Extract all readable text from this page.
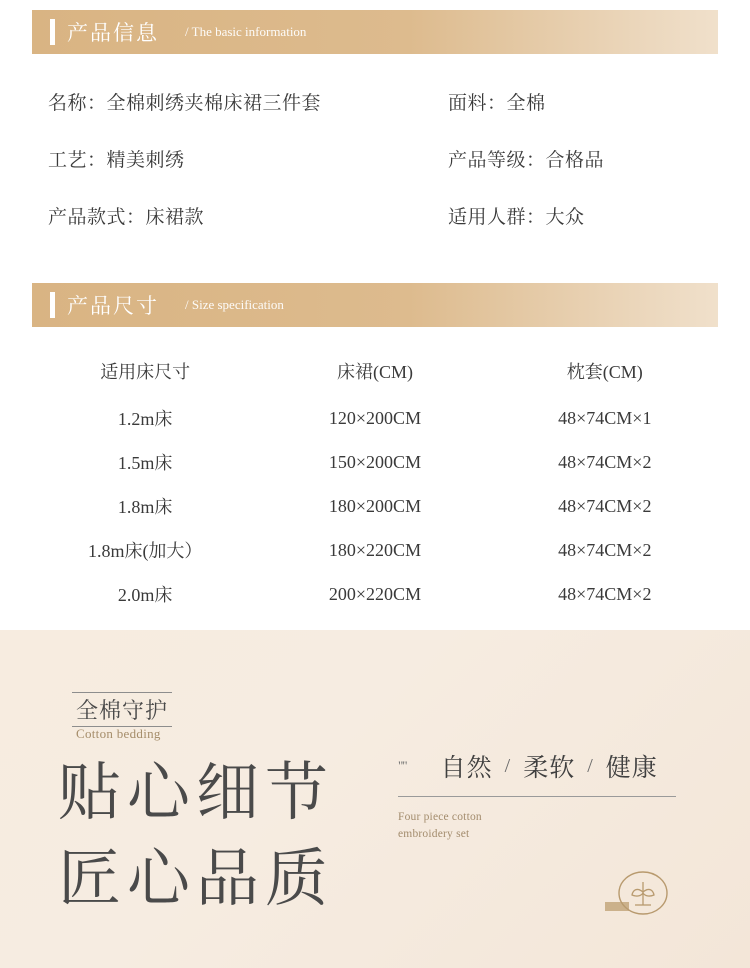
产品信息 / The basic information
名称：全棉刺绣夹棉床裙三件套	面料：全棉
工艺：精美刺绣	产品等级：合格品
产品款式：床裙款	适用人群：大众
产品尺寸 / Size specification
适用床尺寸	床裙(CM)	枕套(CM)
1.2m床	120×200CM	48×74CM×1
1.5m床	150×200CM	48×74CM×2
1.8m床	180×200CM	48×74CM×2
1.8m床(加大）	180×220CM	48×74CM×2
2.0m床	200×220CM	48×74CM×2
全棉守护
Cotton bedding
贴心细节
匠心品质
"" 自然 / 柔软 / 健康
Four piece cotton
embroidery set
